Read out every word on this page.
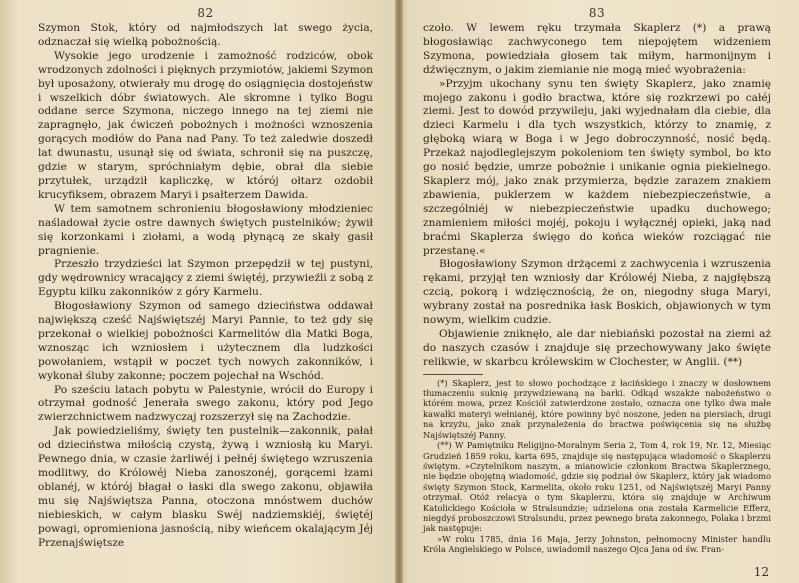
82

Szymon Stok, który od najmłodszych lat swego życia, odznaczał się wielką pobożnością.

Wysokie jego urodzenie i zamożność rodziców, obok wrodzonych zdolności i pięknych przymiotów, jakiemi Szymon był uposażony, otwierały mu drogę do osiągnięcia dostojeństw i wszelkich dóbr światowych. Ale skromne i tylko Bogu oddane serce Szymona, niczego innego na tej ziemi nie zapragnęło, jak ćwiczeń pobożnych i możności wznoszenia gorących modłów do Pana nad Pany. To też zaledwie doszedł lat dwunastu, usunął się od świata, schronił się na puszczę, gdzie w starym, spróchniałym dębie, obrał dla siebie przytułek, urządził kapliczkę, w którój ołtarz ozdobił krucyfiksem, obrazem Maryi i psałterzem Dawida.

W tem samotnem schronieniu błogosławiony młodzieniec naśladował życie ostre dawnych świętych pustelników; żywił się korzonkami i ziołami, a wodą płynącą ze skały gasił pragnienie.

Przeszło trzydzieści lat Szymon przepędził w tej pustyni, gdy wędrownicy wracający z ziemi świętéj, przywieźli z sobą z Egyptu kilku zakonników z góry Karmelu.

Błogosławiony Szymon od samego dzieciństwa oddawał największą cześć Najświętszéj Maryi Pannie, to też gdy się przekonał o wielkiej pobożności Karmelitów dla Matki Boga, wznosząc ich wzniosłem i użytecznem dla ludzkości powołaniem, wstąpił w poczet tych nowych zakonników, i wykonał śluby zakonne; poczem pojechał na Wschód.

Po sześciu latach pobytu w Palestynie, wrócił do Europy i otrzymał godność Jenerała swego zakonu, który pod Jego zwierzchnictwem nadzwyczaj rozszerzył się na Zachodzie.

Jak powiedzieliśmy, święty ten pustelnik—zakonnik, pałał od dzieciństwa miłością czystą, żywą i wzniosłą ku Maryi. Pewnego dnia, w czasie żarliwéj i pełnéj świętego wzruszenia modlitwy, do Królowéj Nieba zanoszonéj, gorącemi łzami oblanéj, w którój błagał o łaski dla swego zakonu, objawiła mu się Najświętsza Panna, otoczona mnóstwem duchów niebieskich, w całym blasku Swéj nadziemskiéj, świętéj powagi, opromieniona jasnością, niby wieńcem okalającym Jéj Przenajświętsze

83

czoło. W lewem ręku trzymała Skaplerz (*) a prawą błogosławiąc zachwyconego tem niepojętem widzeniem Szymona, powiedziała głosem tak miłym, harmonijnym i dźwięcznym, o jakim ziemianie nie mogą mieć wyobrażenia:

»Przyjm ukochany synu ten święty Skaplerz, jako znamię mojego zakonu i godło bractwa, które się rozkrzewi po całéj ziemi. Jest to dowód przywileju, jaki wyjednałam dla ciebie, dla dzieci Karmelu i dla tych wszystkich, którzy to znamię, z głęboką wiarą w Boga i w Jego dobroczynność, nosić będą. Przekaż najodleglejszym pokoleniom ten święty symbol, bo kto go nosić będzie, umrze pobożnie i unikanie ognia piekielnego. Skaplerz mój, jako znak przymierza, będzie zarazem znakiem zbawienia, puklerzem w każdem niebezpieczeństwie, a szczególniéj w niebezpieczeństwie upadku duchowego; znamieniem miłości mojéj, pokoju i wyłącznéj opieki, jaką nad braćmi Skaplerza święgo do końca wieków rozciągać nie przestanę.«

Błogosławiony Szymon drżącemi z zachwycenia i wzruszenia rękami, przyjął ten wzniosły dar Królowéj Nieba, z najgłębszą czcią, pokorą i wdzięcznością, że on, niegodny sługa Maryi, wybrany został na posrednika łask Boskich, objawionych w tym nowym, wielkim cudzie.

Objawienie zniknęło, ale dar niebiański pozostał na ziemi aż do naszych czasów i znajduje się przechowywany jako święte relikwie, w skarbcu królewskim w Clochester, w Anglii. (**)

(*) Skaplerz, jest to słowo pochodzące z łacińskiego i znaczy w dosłownem tłumaczeniu suknię przywdziewaną na barki. Odkąd wszakże nabożeństwo o którém mowa, przez Kościół zatwierdzone zostało, oznacza one tylko dwa małe kawałki materyi wełnianéj, które powinny być noszone, jeden na piersiach, drugi na krzyżu, jako znak przynależenia do bractwa poświęcenia się na służbę Najświętszéj Panny.

(**) W Pamiętniku Religijno-Moralnym Seria 2, Tom 4, rok 19, Nr. 12, Miesiąc Grudzień 1859 roku, karta 695, znajduje się następująca wiadomość o Skaplerzu świętym. »Czytelnikom naszym, a mianowicie członkom Bractwa Skaplerznego, nie będzie obojętną wiadomość, gdzie się podział ów Skaplerz, który jak wiadomo święty Szymon Stock, Karmelita, około roku 1251, od Najświętszéj Maryi Panny otrzymał. Otóż relacya o tym Skaplerzu, która się znajduje w Archiwum Katolickiego Kościoła w Stralsundzie; udzielona ona została Karmelicie Efferz, niegdyś proboszczowi Stralsundu, przez pewnego brata zakonnego, Polaka i brzmi jak następuje:

»W roku 1785, dnia 16 Maja, Jerzy Johnston, pełnomocny Minister handlu Króla Angielskiego w Polsce, uwiadomił naszego Ojca Jana od św. Fran-

12
